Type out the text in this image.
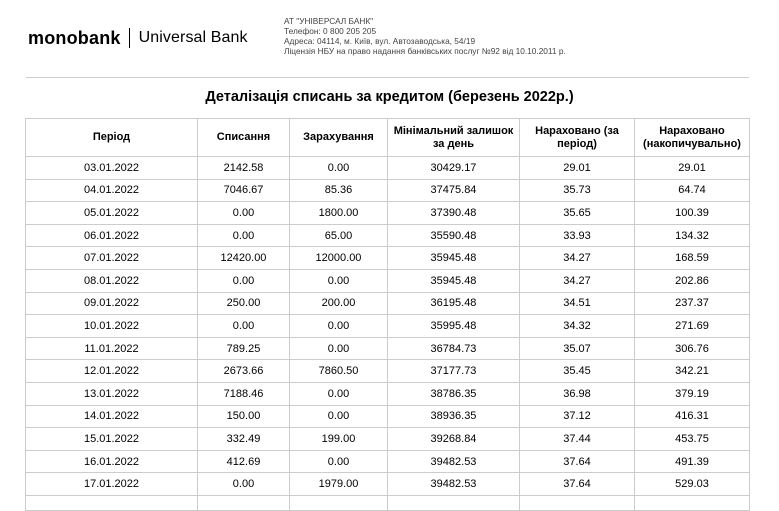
monobank Universal Bank
АТ "УНІВЕРСАЛ БАНК"
Телефон: 0 800 205 205
Адреса: 04114, м. Київ, вул. Автозаводська, 54/19
Ліцензія НБУ на право надання банківських послуг №92 від 10.10.2011 р.
Деталізація списань за кредитом (березень 2022р.)
Період	Списання	Зарахування	Мінімальний залишок за день	Нараховано (за період)	Нараховано (накопичувально)
03.01.2022	2142.58	0.00	30429.17	29.01	29.01
04.01.2022	7046.67	85.36	37475.84	35.73	64.74
05.01.2022	0.00	1800.00	37390.48	35.65	100.39
06.01.2022	0.00	65.00	35590.48	33.93	134.32
07.01.2022	12420.00	12000.00	35945.48	34.27	168.59
08.01.2022	0.00	0.00	35945.48	34.27	202.86
09.01.2022	250.00	200.00	36195.48	34.51	237.37
10.01.2022	0.00	0.00	35995.48	34.32	271.69
11.01.2022	789.25	0.00	36784.73	35.07	306.76
12.01.2022	2673.66	7860.50	37177.73	35.45	342.21
13.01.2022	7188.46	0.00	38786.35	36.98	379.19
14.01.2022	150.00	0.00	38936.35	37.12	416.31
15.01.2022	332.49	199.00	39268.84	37.44	453.75
16.01.2022	412.69	0.00	39482.53	37.64	491.39
17.01.2022	0.00	1979.00	39482.53	37.64	529.03
